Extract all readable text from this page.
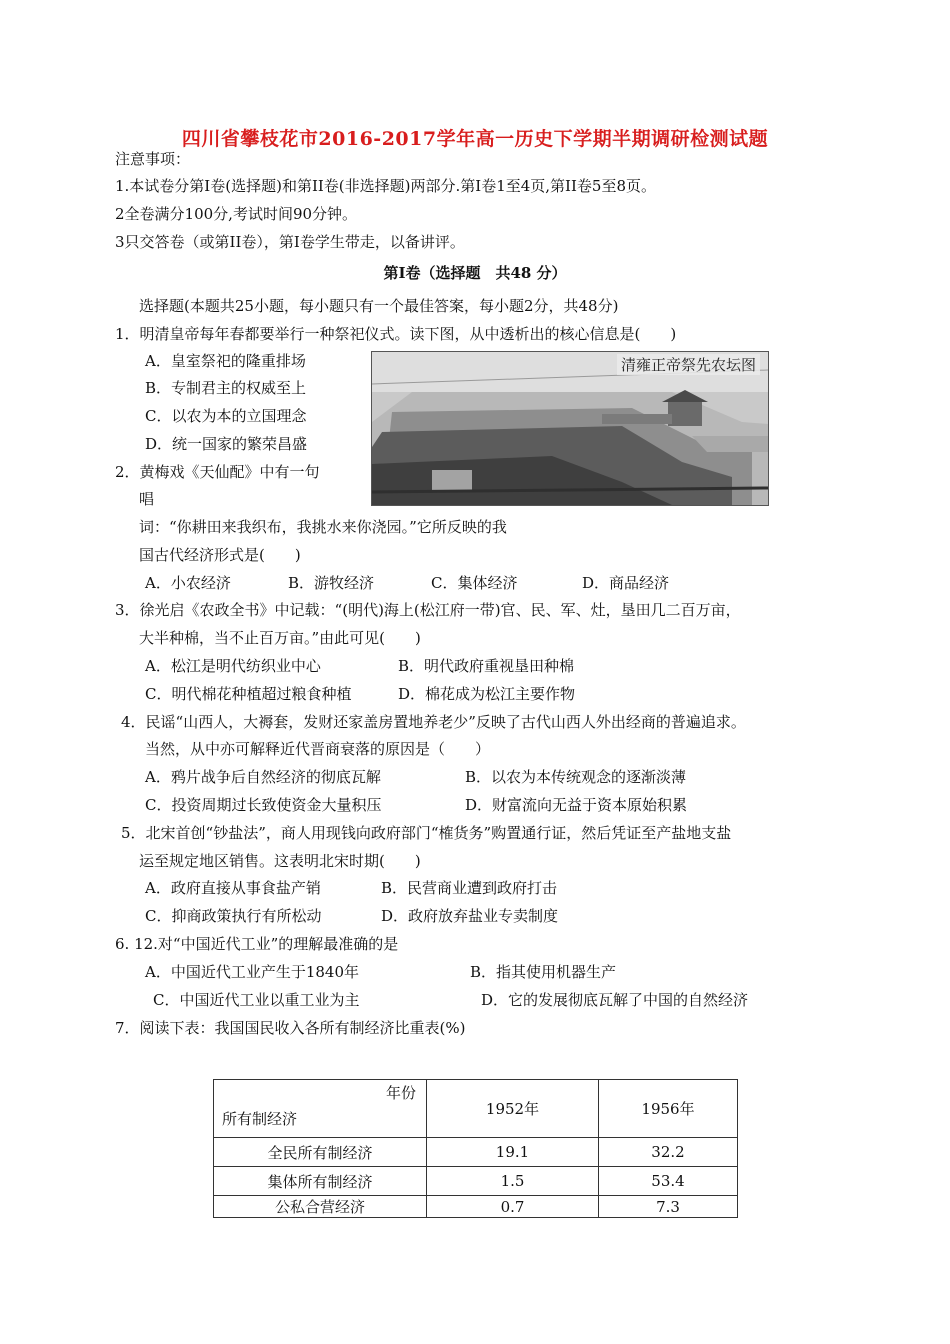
四川省攀枝花市2016-2017学年高一历史下学期半期调研检测试题
注意事项：
1.本试卷分第I卷(选择题)和第II卷(非选择题)两部分.第I卷1至4页,第II卷5至8页。
2全卷满分100分,考试时间90分钟。
3只交答卷（或第II卷），第I卷学生带走，以备讲评。
第I卷（选择题　共48 分）
选择题(本题共25小题，每小题只有一个最佳答案，每小题2分，共48分)
1．明清皇帝每年春都要举行一种祭祀仪式。读下图，从中透析出的核心信息是(　　)
A．皇室祭祀的隆重排场
B．专制君主的权威至上
C．以农为本的立国理念
D．统一国家的繁荣昌盛
清雍正帝祭先农坛图
2．黄梅戏《天仙配》中有一句
唱
词：“你耕田来我织布，我挑水来你浇园。”它所反映的我
国古代经济形式是(　　)
A．小农经济	B．游牧经济	C．集体经济	D．商品经济
3．徐光启《农政全书》中记载：“(明代)海上(松江府一带)官、民、军、灶，垦田几二百万亩，
大半种棉，当不止百万亩。”由此可见(　　)
A．松江是明代纺织业中心	B．明代政府重视垦田种棉
C．明代棉花种植超过粮食种植	D．棉花成为松江主要作物
4．民谣“山西人，大褥套，发财还家盖房置地养老少”反映了古代山西人外出经商的普遍追求。
当然，从中亦可解释近代晋商衰落的原因是（　　）
A．鸦片战争后自然经济的彻底瓦解	B．以农为本传统观念的逐渐淡薄
C．投资周期过长致使资金大量积压	D．财富流向无益于资本原始积累
5．北宋首创“钞盐法”，商人用现钱向政府部门“榷货务”购置通行证，然后凭证至产盐地支盐
运至规定地区销售。这表明北宋时期(　　)
A．政府直接从事食盐产销	B．民营商业遭到政府打击
C．抑商政策执行有所松动	D．政府放弃盐业专卖制度
6. 12.对“中国近代工业”的理解最准确的是
A．中国近代工业产生于1840年	B．指其使用机器生产
C．中国近代工业以重工业为主	D．它的发展彻底瓦解了中国的自然经济
7．阅读下表：我国国民收入各所有制经济比重表(%)
年份
所有制经济	1952年	1956年
全民所有制经济	19.1	32.2
集体所有制经济	1.5	53.4
公私合营经济	0.7	7.3
